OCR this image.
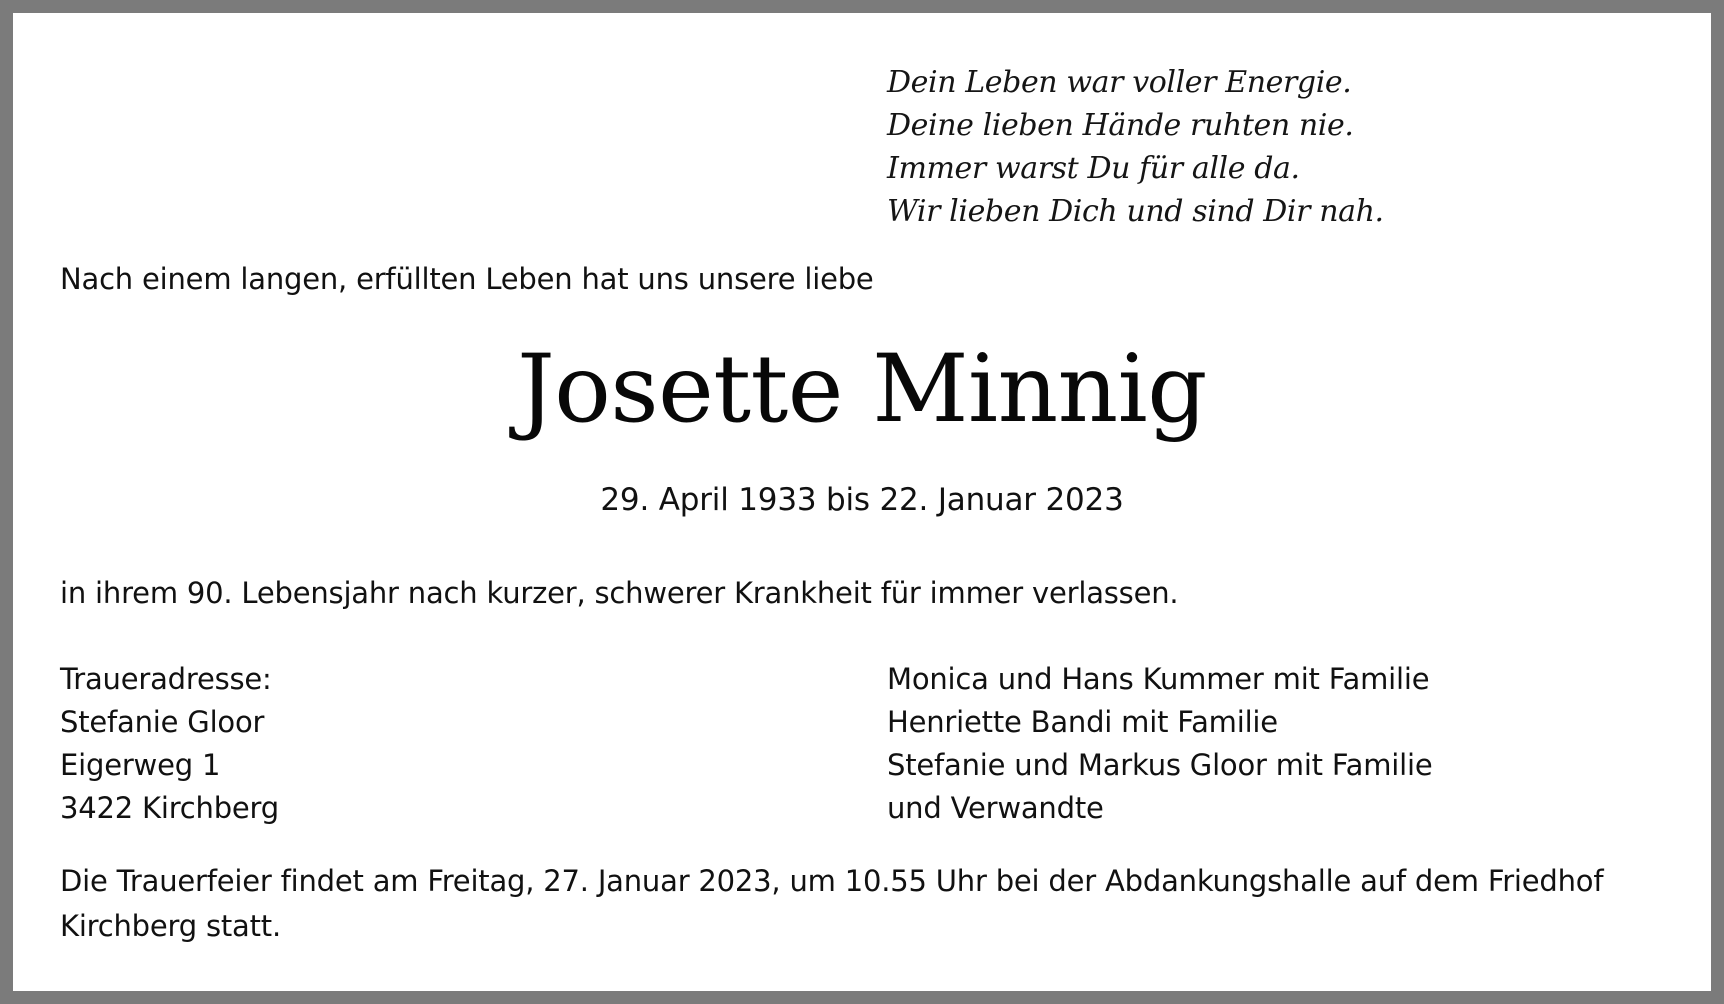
Dein Leben war voller Energie.
Deine lieben Hände ruhten nie.
Immer warst Du für alle da.
Wir lieben Dich und sind Dir nah.
Nach einem langen, erfüllten Leben hat uns unsere liebe
Josette Minnig
29. April 1933 bis 22. Januar 2023
in ihrem 90. Lebensjahr nach kurzer, schwerer Krankheit für immer verlassen.
Traueradresse:
Stefanie Gloor
Eigerweg 1
3422 Kirchberg
Monica und Hans Kummer mit Familie
Henriette Bandi mit Familie
Stefanie und Markus Gloor mit Familie
und Verwandte
Die Trauerfeier findet am Freitag, 27. Januar 2023, um 10.55 Uhr bei der Abdankungshalle auf dem Friedhof
Kirchberg statt.
